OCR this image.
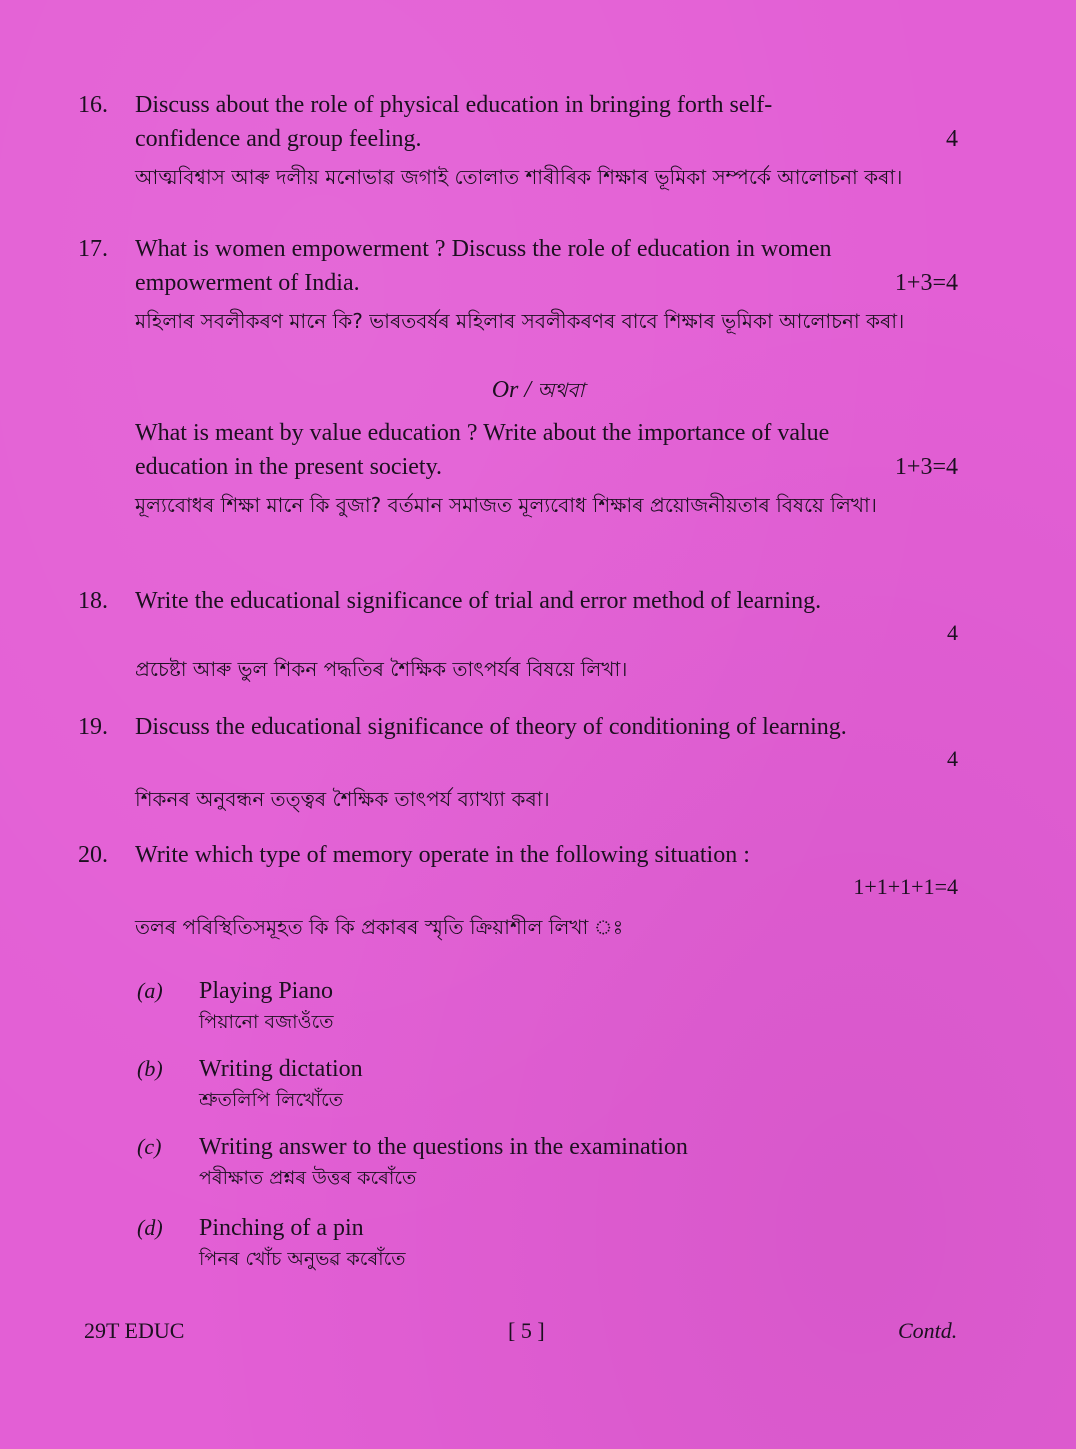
16. Discuss about the role of physical education in bringing forth self-
confidence and group feeling.	4
আত্মবিশ্বাস আৰু দলীয় মনোভাৱ জগাই তোলাত শাৰীৰিক শিক্ষাৰ ভূমিকা সম্পৰ্কে আলোচনা কৰা।
17. What is women empowerment ? Discuss the role of education in women
empowerment of India.	1+3=4
মহিলাৰ সবলীকৰণ মানে কি? ভাৰতবৰ্ষৰ মহিলাৰ সবলীকৰণৰ বাবে শিক্ষাৰ ভূমিকা আলোচনা কৰা।
Or / অথবা
What is meant by value education ? Write about the importance of value
education in the present society.	1+3=4
মূল্যবোধৰ শিক্ষা মানে কি বুজা? বৰ্তমান সমাজত মূল্যবোধ শিক্ষাৰ প্ৰয়োজনীয়তাৰ বিষয়ে লিখা।
18. Write the educational significance of trial and error method of learning.
4
প্ৰচেষ্টা আৰু ভুল শিকন পদ্ধতিৰ শৈক্ষিক তাৎপৰ্যৰ বিষয়ে লিখা।
19. Discuss the educational significance of theory of conditioning of learning.
4
শিকনৰ অনুবন্ধন তত্ত্বৰ শৈক্ষিক তাৎপৰ্য ব্যাখ্যা কৰা।
20. Write which type of memory operate in the following situation :
1+1+1+1=4
তলৰ পৰিস্থিতিসমূহত কি কি প্ৰকাৰৰ স্মৃতি ক্ৰিয়াশীল লিখা ঃ
(a) Playing Piano
পিয়ানো বজাওঁতে
(b) Writing dictation
শ্ৰুতলিপি লিখোঁতে
(c) Writing answer to the questions in the examination
পৰীক্ষাত প্ৰশ্নৰ উত্তৰ কৰোঁতে
(d) Pinching of a pin
পিনৰ খোঁচ অনুভৱ কৰোঁতে
29T EDUC	[ 5 ]	Contd.
